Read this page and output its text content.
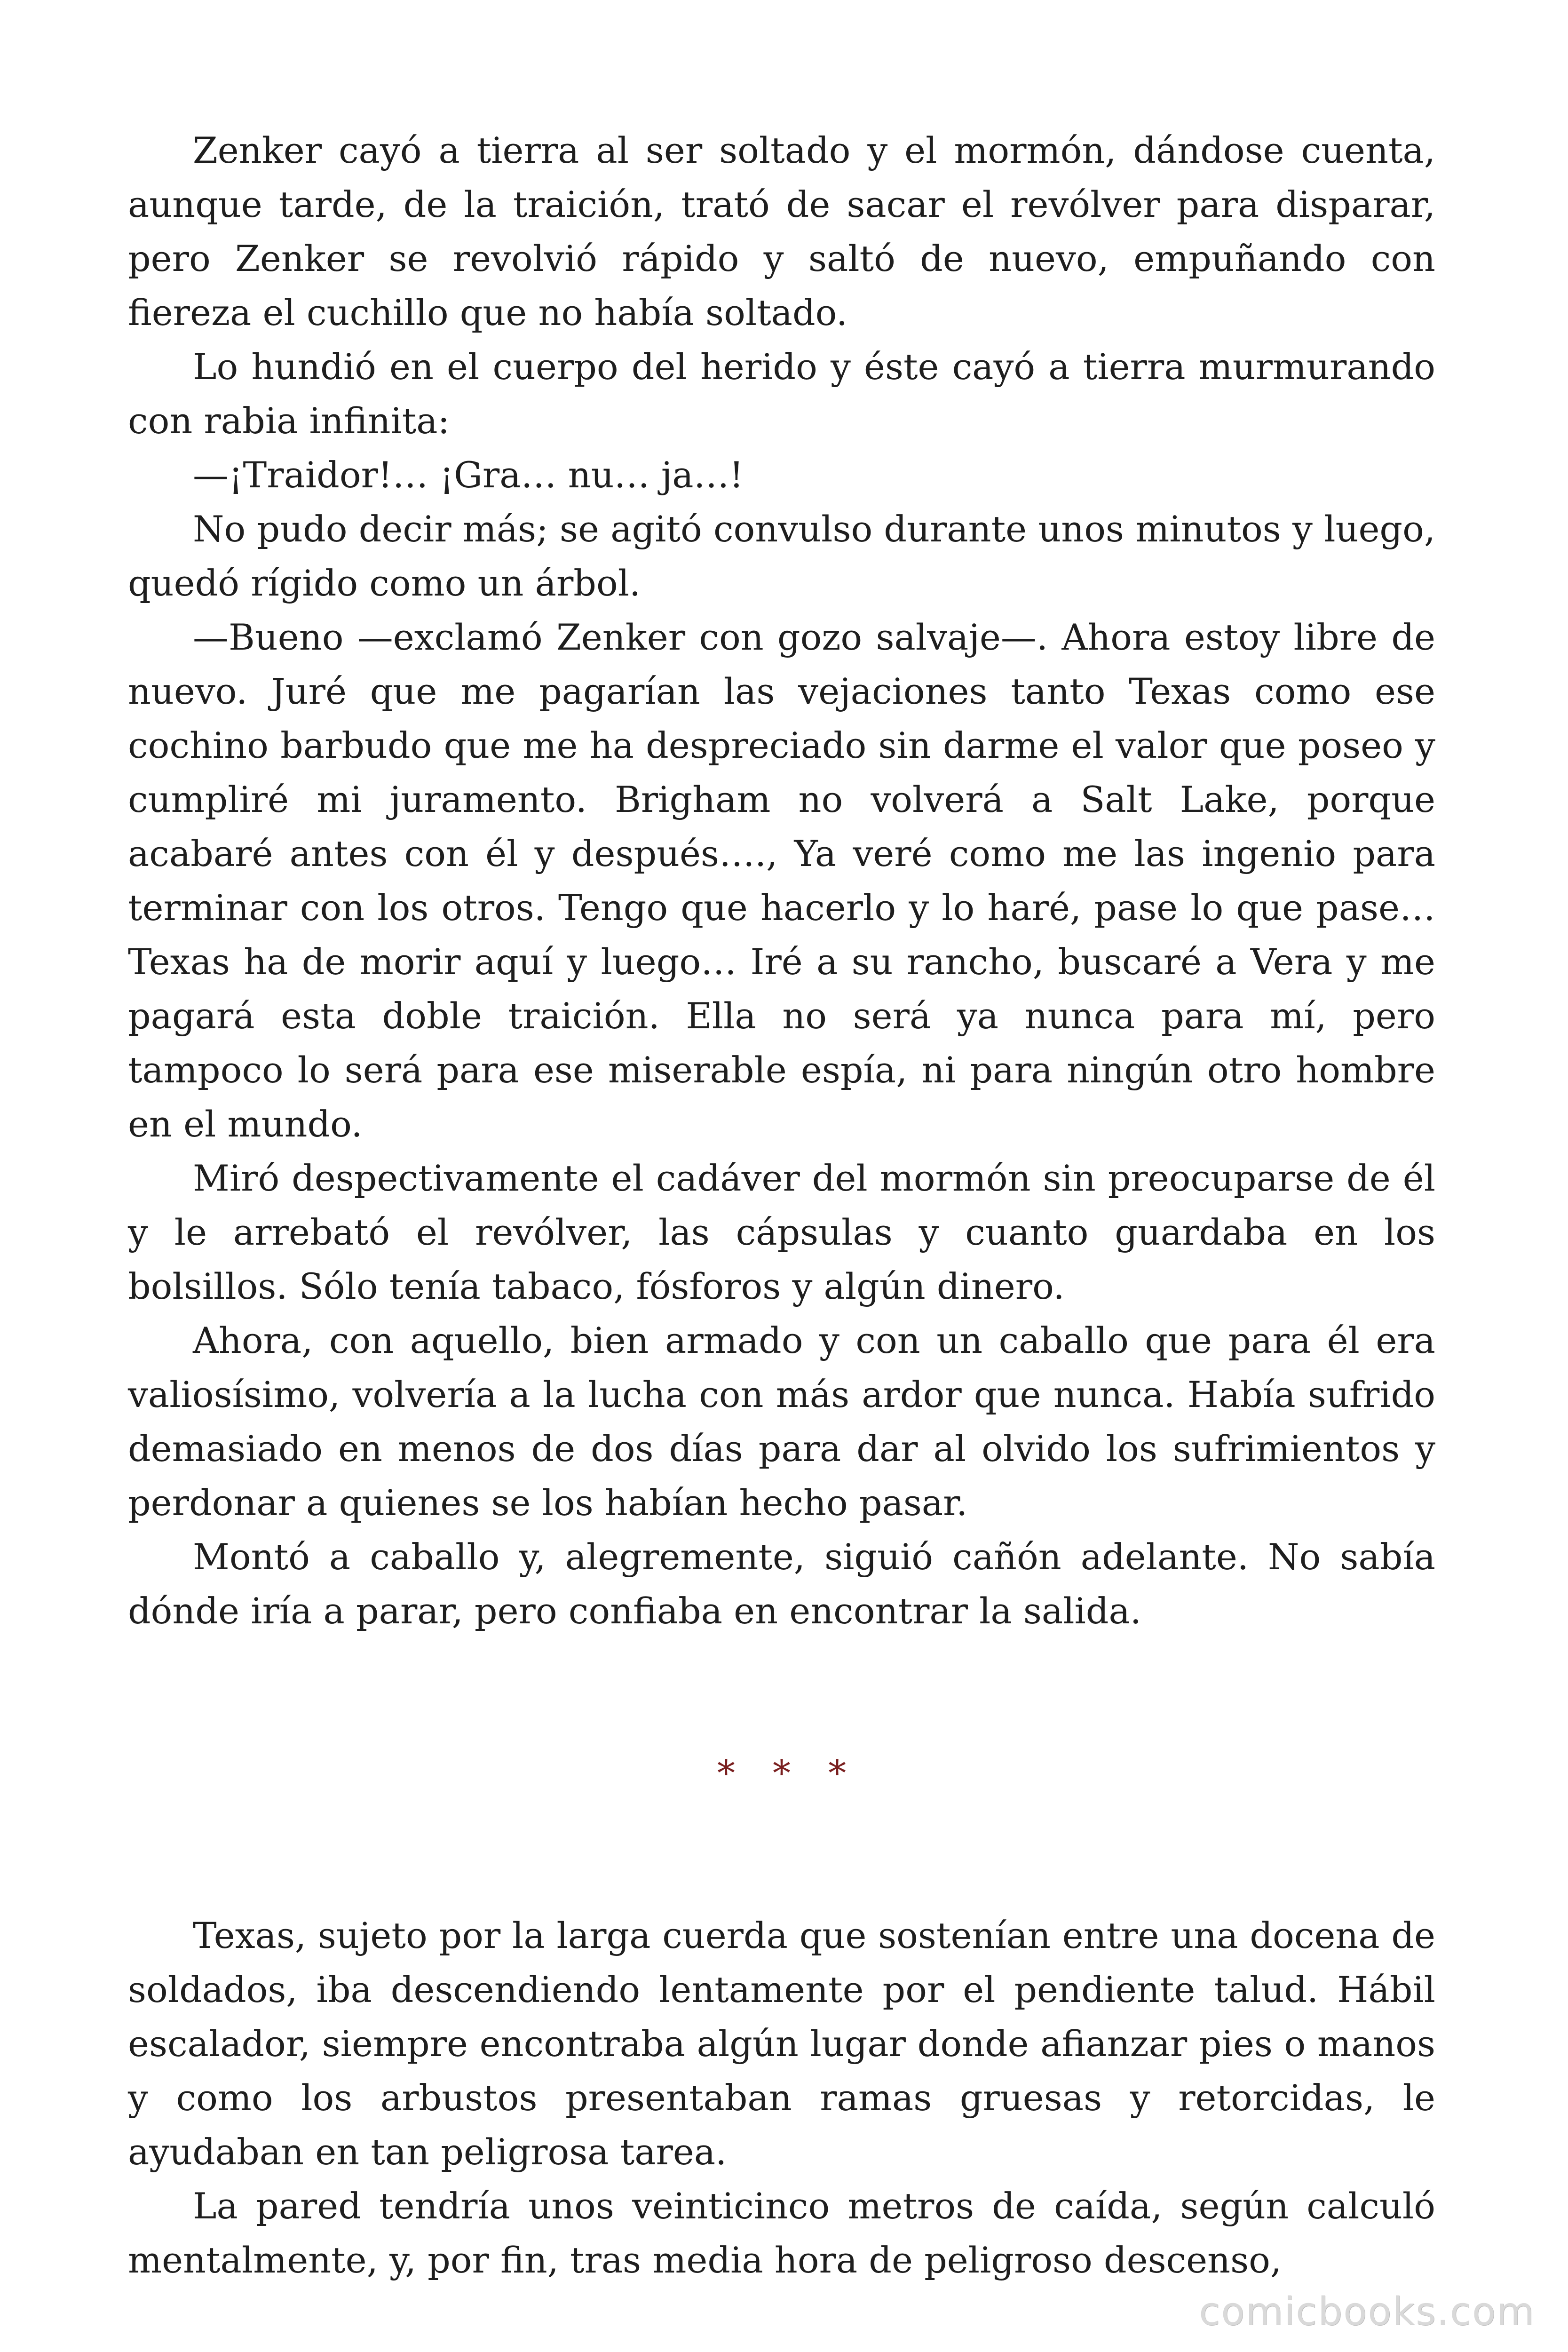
Zenker cayó a tierra al ser soltado y el mormón, dándose cuenta, aunque tarde, de la traición, trató de sacar el revólver para disparar, pero Zenker se revolvió rápido y saltó de nuevo, empuñando con fiereza el cuchillo que no había soltado.

Lo hundió en el cuerpo del herido y éste cayó a tierra murmurando con rabia infinita:

—¡Traidor!… ¡Gra… nu… ja…!

No pudo decir más; se agitó convulso durante unos minutos y luego, quedó rígido como un árbol.

—Bueno —exclamó Zenker con gozo salvaje—. Ahora estoy libre de nuevo. Juré que me pagarían las vejaciones tanto Texas como ese cochino barbudo que me ha despreciado sin darme el valor que poseo y cumpliré mi juramento. Brigham no volverá a Salt Lake, porque acabaré antes con él y después…., Ya veré como me las ingenio para terminar con los otros. Tengo que hacerlo y lo haré, pase lo que pase… Texas ha de morir aquí y luego… Iré a su rancho, buscaré a Vera y me pagará esta doble traición. Ella no será ya nunca para mí, pero tampoco lo será para ese miserable espía, ni para ningún otro hombre en el mundo.

Miró despectivamente el cadáver del mormón sin preocuparse de él y le arrebató el revólver, las cápsulas y cuanto guardaba en los bolsillos. Sólo tenía tabaco, fósforos y algún dinero.

Ahora, con aquello, bien armado y con un caballo que para él era valiosísimo, volvería a la lucha con más ardor que nunca. Había sufrido demasiado en menos de dos días para dar al olvido los sufrimientos y perdonar a quienes se los habían hecho pasar.

Montó a caballo y, alegremente, siguió cañón adelante. No sabía dónde iría a parar, pero confiaba en encontrar la salida.

* * *

Texas, sujeto por la larga cuerda que sostenían entre una docena de soldados, iba descendiendo lentamente por el pendiente talud. Hábil escalador, siempre encontraba algún lugar donde afianzar pies o manos y como los arbustos presentaban ramas gruesas y retorcidas, le ayudaban en tan peligrosa tarea.

La pared tendría unos veinticinco metros de caída, según calculó mentalmente, y, por fin, tras media hora de peligroso descenso,

comicbooks.com
